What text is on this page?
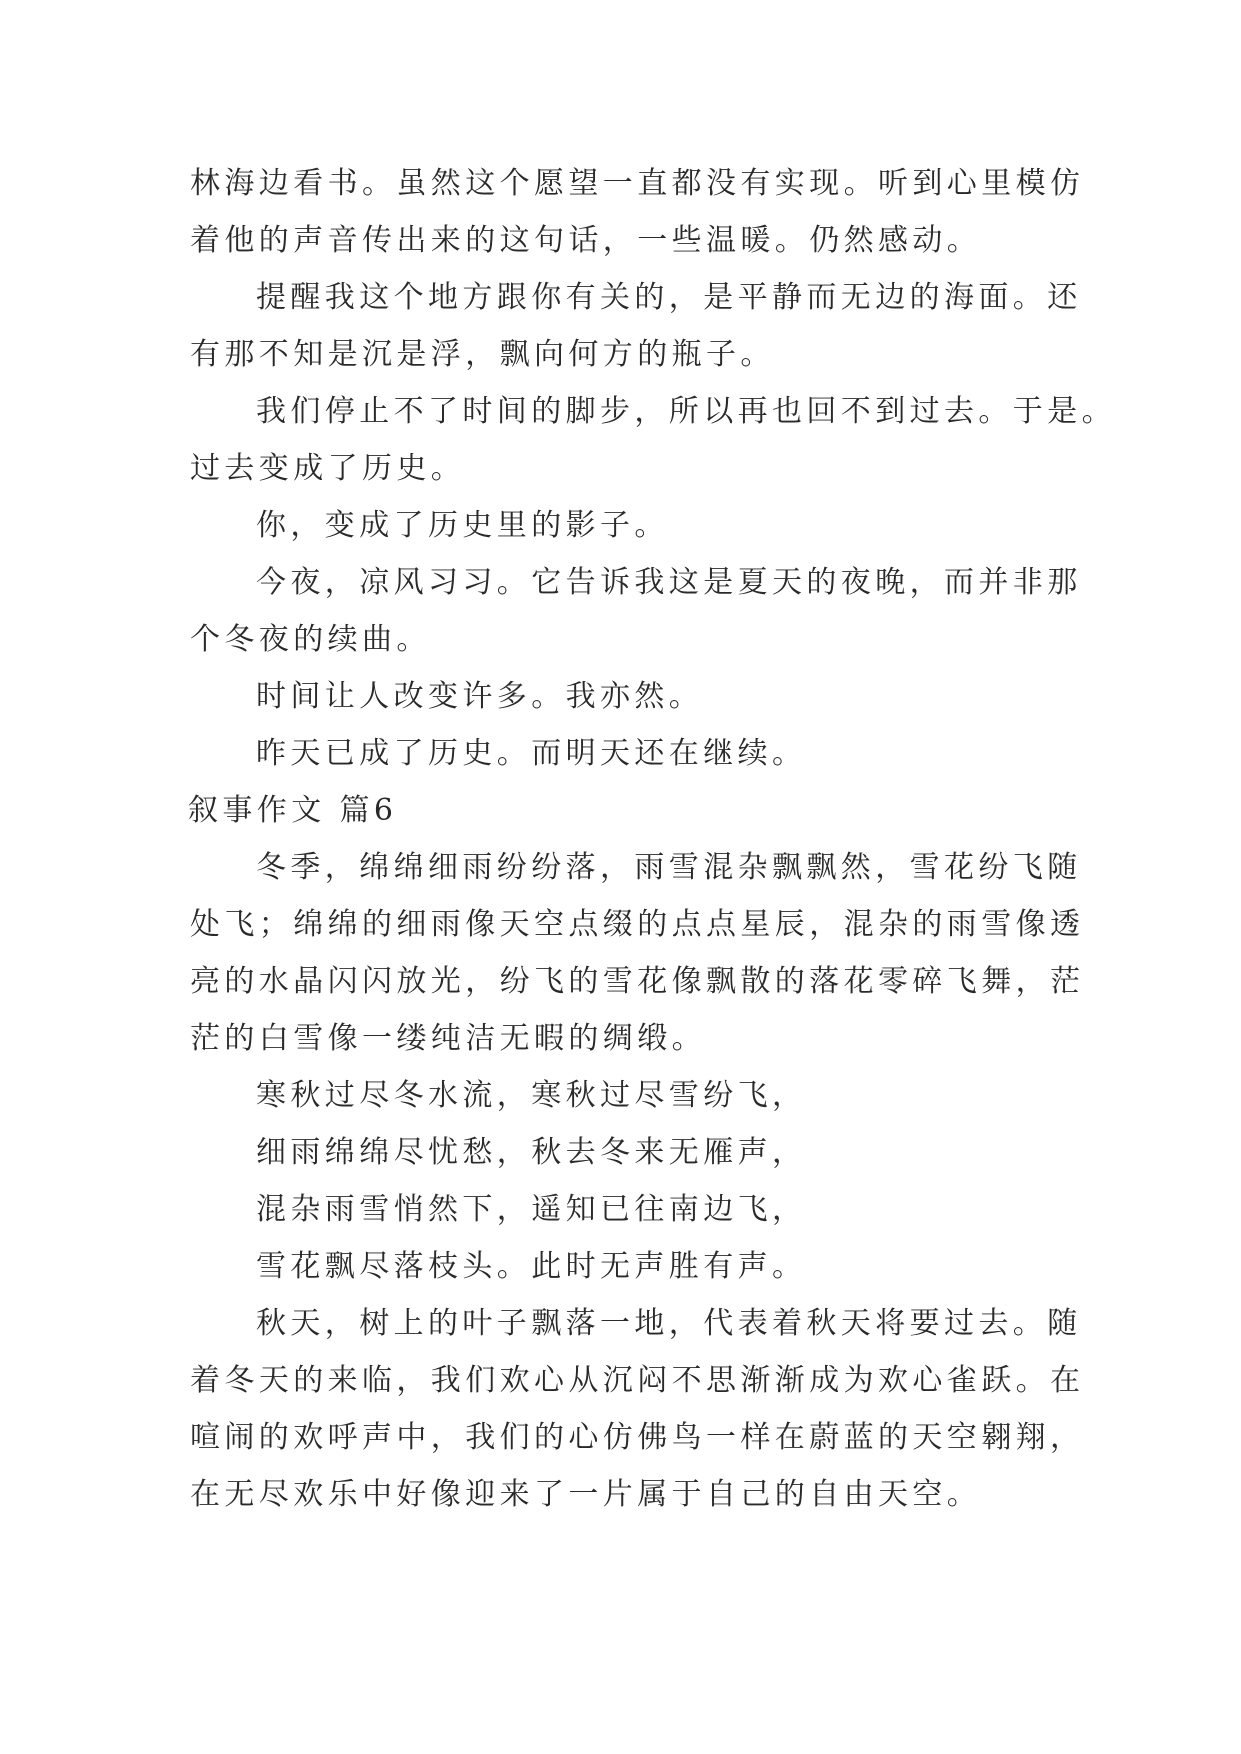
林海边看书。虽然这个愿望一直都没有实现。听到心里模仿
着他的声音传出来的这句话，一些温暖。仍然感动。
提醒我这个地方跟你有关的，是平静而无边的海面。还
有那不知是沉是浮，飘向何方的瓶子。
我们停止不了时间的脚步，所以再也回不到过去。于是。
过去变成了历史。
你，变成了历史里的影子。
今夜，凉风习习。它告诉我这是夏天的夜晚，而并非那
个冬夜的续曲。
时间让人改变许多。我亦然。
昨天已成了历史。而明天还在继续。
叙事作文 篇6
冬季，绵绵细雨纷纷落，雨雪混杂飘飘然，雪花纷飞随
处飞；绵绵的细雨像天空点缀的点点星辰，混杂的雨雪像透
亮的水晶闪闪放光，纷飞的雪花像飘散的落花零碎飞舞，茫
茫的白雪像一缕纯洁无暇的绸缎。
寒秋过尽冬水流，寒秋过尽雪纷飞，
细雨绵绵尽忧愁，秋去冬来无雁声，
混杂雨雪悄然下，遥知已往南边飞，
雪花飘尽落枝头。此时无声胜有声。
秋天，树上的叶子飘落一地，代表着秋天将要过去。随
着冬天的来临，我们欢心从沉闷不思渐渐成为欢心雀跃。在
喧闹的欢呼声中，我们的心仿佛鸟一样在蔚蓝的天空翱翔，
在无尽欢乐中好像迎来了一片属于自己的自由天空。
